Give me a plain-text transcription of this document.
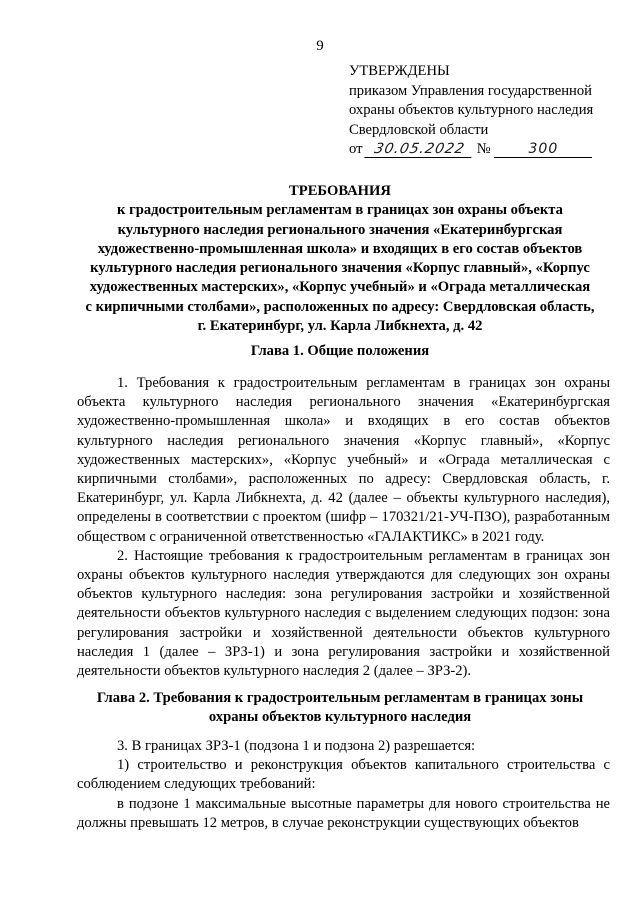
9
УТВЕРЖДЕНЫ
приказом Управления государственной
охраны объектов культурного наследия
Свердловской области
от 30.05.2022 №	300
ТРЕБОВАНИЯ
к градостроительным регламентам в границах зон охраны объекта
культурного наследия регионального значения «Екатеринбургская
художественно-промышленная школа» и входящих в его состав объектов
культурного наследия регионального значения «Корпус главный», «Корпус
художественных мастерских», «Корпус учебный» и «Ограда металлическая
с кирпичными столбами», расположенных по адресу: Свердловская область,
г. Екатеринбург, ул. Карла Либкнехта, д. 42
Глава 1. Общие положения

1. Требования к градостроительным регламентам в границах зон охраны объекта культурного наследия регионального значения «Екатеринбургская художественно-промышленная школа» и входящих в его состав объектов культурного наследия регионального значения «Корпус главный», «Корпус художественных мастерских», «Корпус учебный» и «Ограда металлическая с кирпичными столбами», расположенных по адресу: Свердловская область, г. Екатеринбург, ул. Карла Либкнехта, д. 42 (далее – объекты культурного наследия), определены в соответствии с проектом (шифр – 170321/21-УЧ-ПЗО), разработанным обществом с ограниченной ответственностью «ГАЛАКТИКС» в 2021 году.

2. Настоящие требования к градостроительным регламентам в границах зон охраны объектов культурного наследия утверждаются для следующих зон охраны объектов культурного наследия: зона регулирования застройки и хозяйственной деятельности объектов культурного наследия с выделением следующих подзон: зона регулирования застройки и хозяйственной деятельности объектов культурного наследия 1 (далее – ЗРЗ-1) и зона регулирования застройки и хозяйственной деятельности объектов культурного наследия 2 (далее – ЗРЗ-2).

Глава 2. Требования к градостроительным регламентам в границах зоны
охраны объектов культурного наследия

3. В границах ЗРЗ-1 (подзона 1 и подзона 2) разрешается:

1) строительство и реконструкция объектов капитального строительства с соблюдением следующих требований:

в подзоне 1 максимальные высотные параметры для нового строительства не должны превышать 12 метров, в случае реконструкции существующих объектов
